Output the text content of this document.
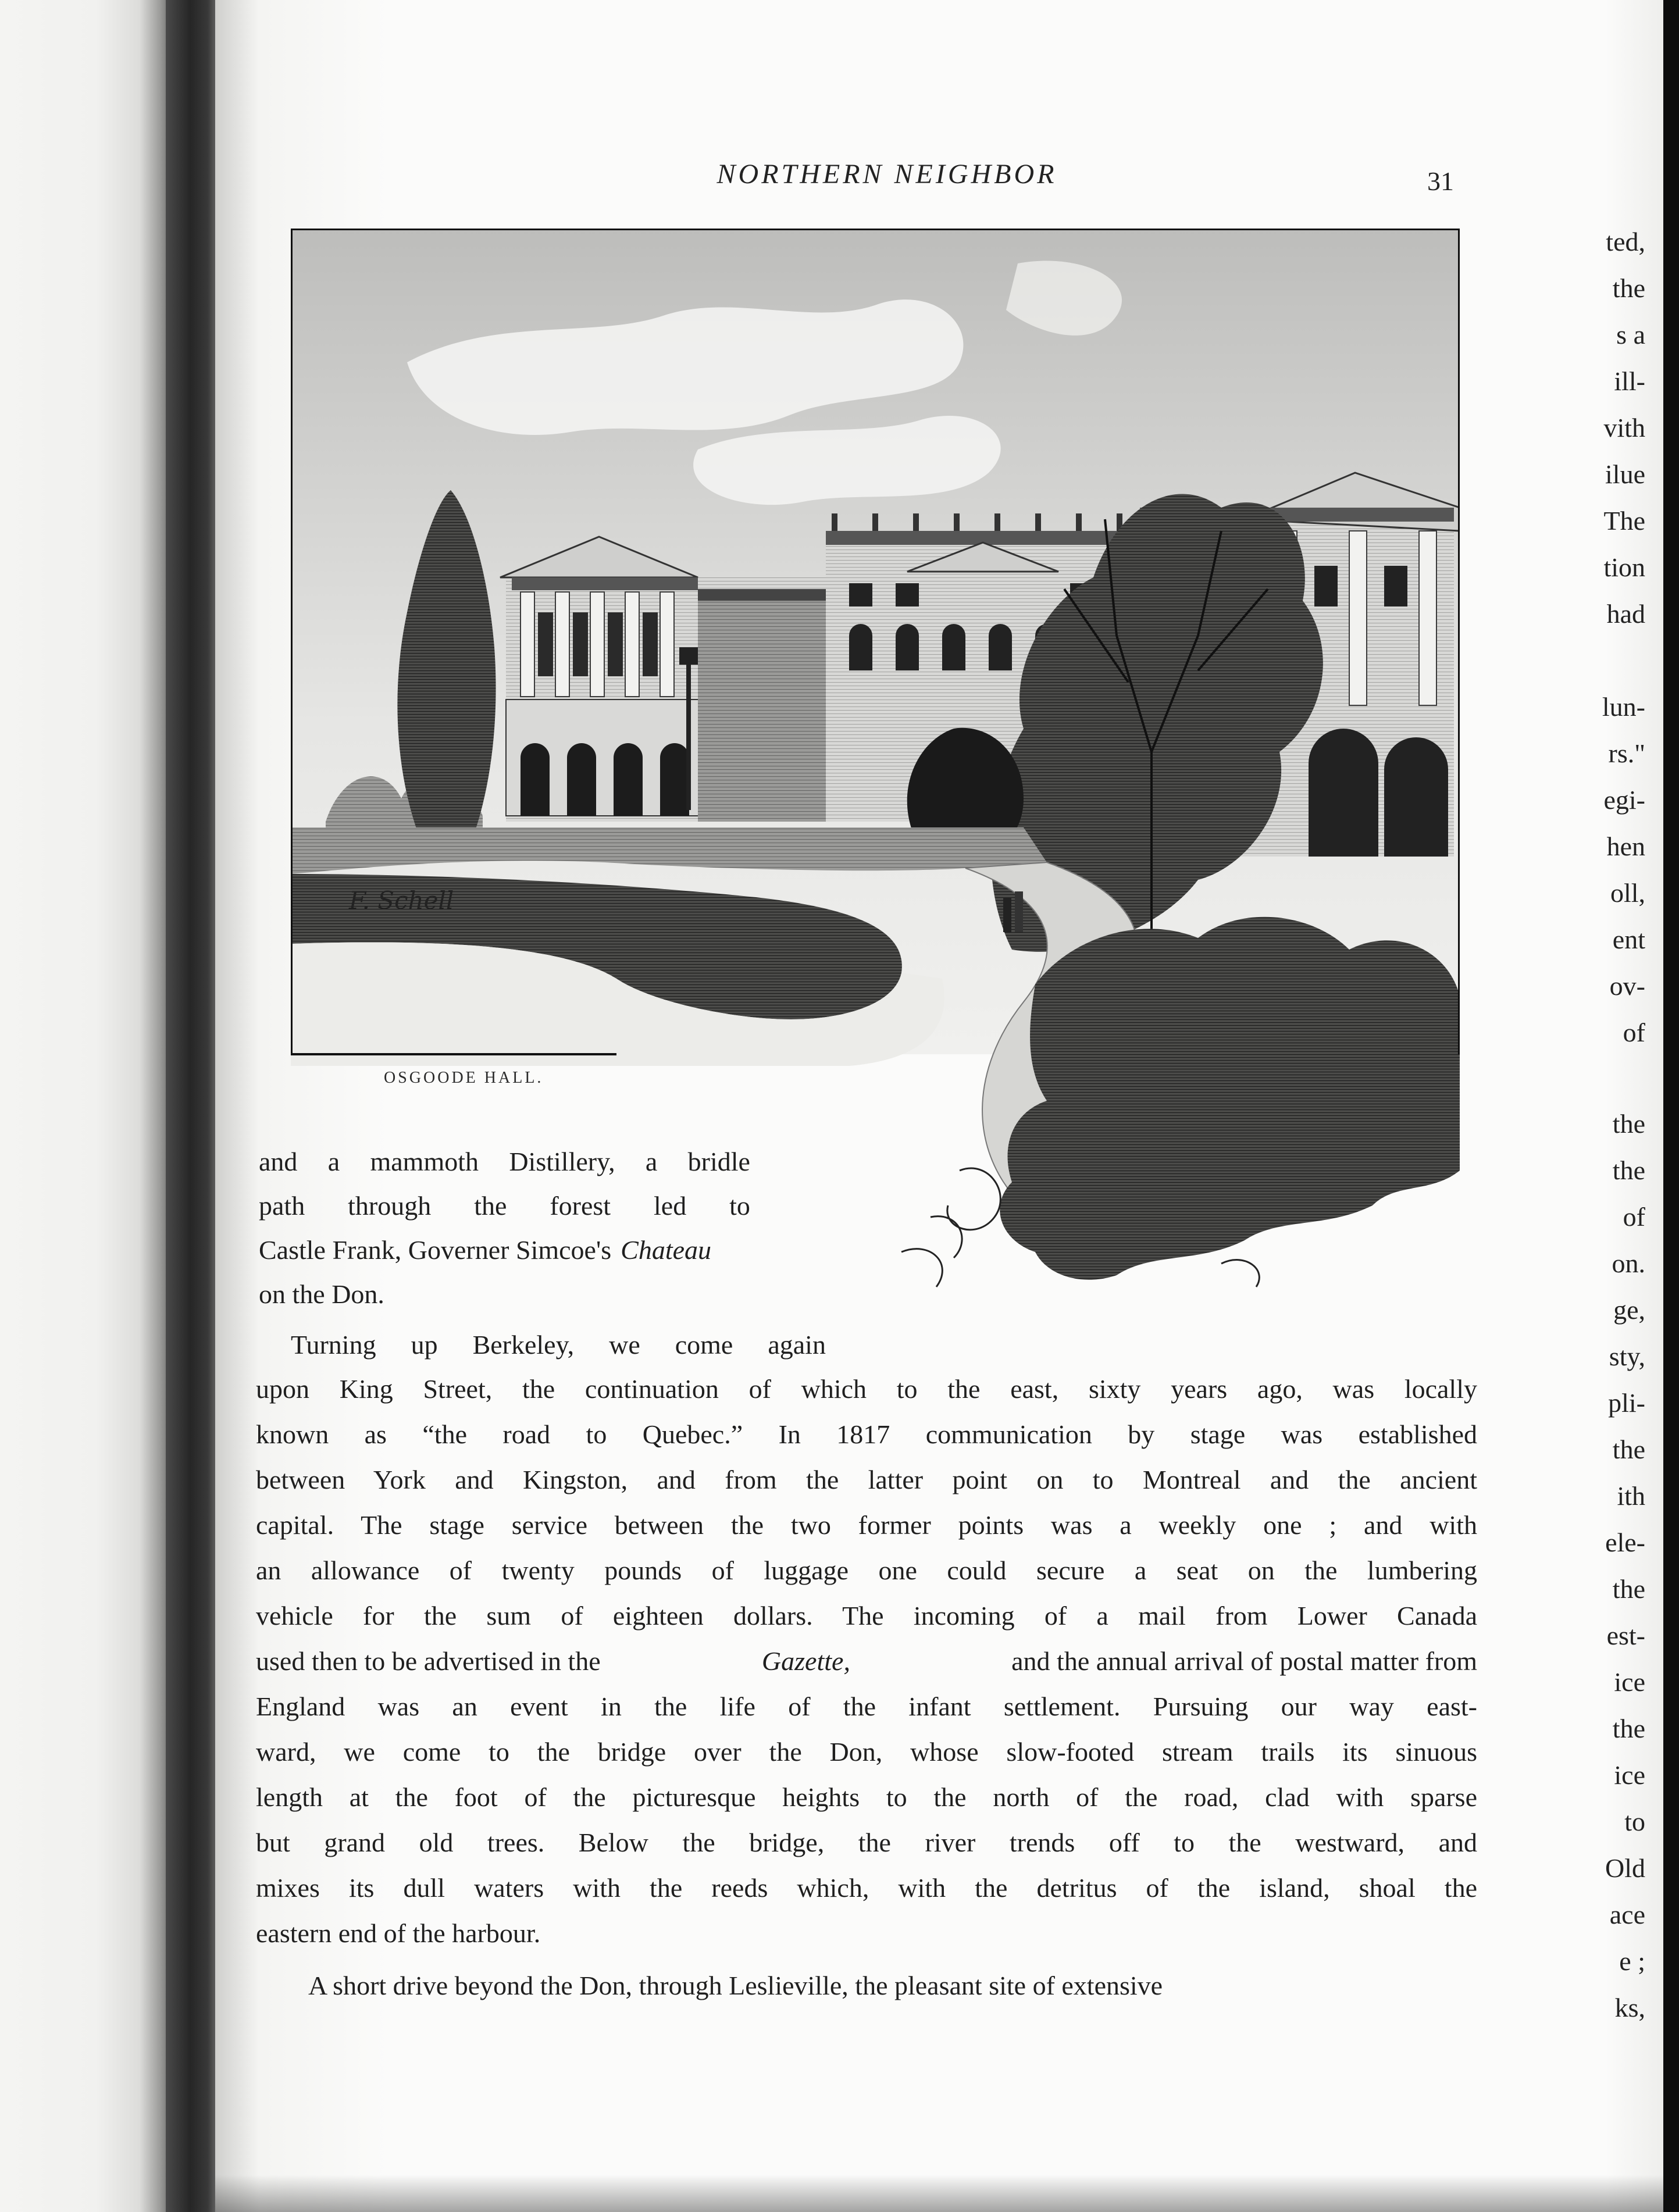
ted,
the
s a
ill-
vith
ilue
The
tion
had
lun-
rs."
egi-
hen
oll,
ent
ov-
of
the
the
of
on.
ge,
sty,
pli-
the
ith
ele-
the
est-
ice
the
ice
to
Old
ace
e ;
ks,
NORTHERN NEIGHBOR	31
F. Schell
OSGOODE HALL.
and a mammoth Distillery, a bridle
path through the forest led to
Castle Frank, Governer Simcoe's Chateau
on the Don.
Turning up Berkeley, we come again
upon King Street, the continuation of which to the east, sixty years ago, was locally
known as “the road to Quebec.” In 1817 communication by stage was established
between York and Kingston, and from the latter point on to Montreal and the ancient
capital. The stage service between the two former points was a weekly one ; and with
an allowance of twenty pounds of luggage one could secure a seat on the lumbering
vehicle for the sum of eighteen dollars. The incoming of a mail from Lower Canada
used then to be advertised in the	Gazette,	and the annual arrival of postal matter from
England was an event in the life of the infant settlement. Pursuing our way east-
ward, we come to the bridge over the Don, whose slow-footed stream trails its sinuous
length at the foot of the picturesque heights to the north of the road, clad with sparse
but grand old trees. Below the bridge, the river trends off to the westward, and
mixes its dull waters with the reeds which, with the detritus of the island, shoal the
eastern end of the harbour.
A short drive beyond the Don, through Leslieville, the pleasant site of extensive
